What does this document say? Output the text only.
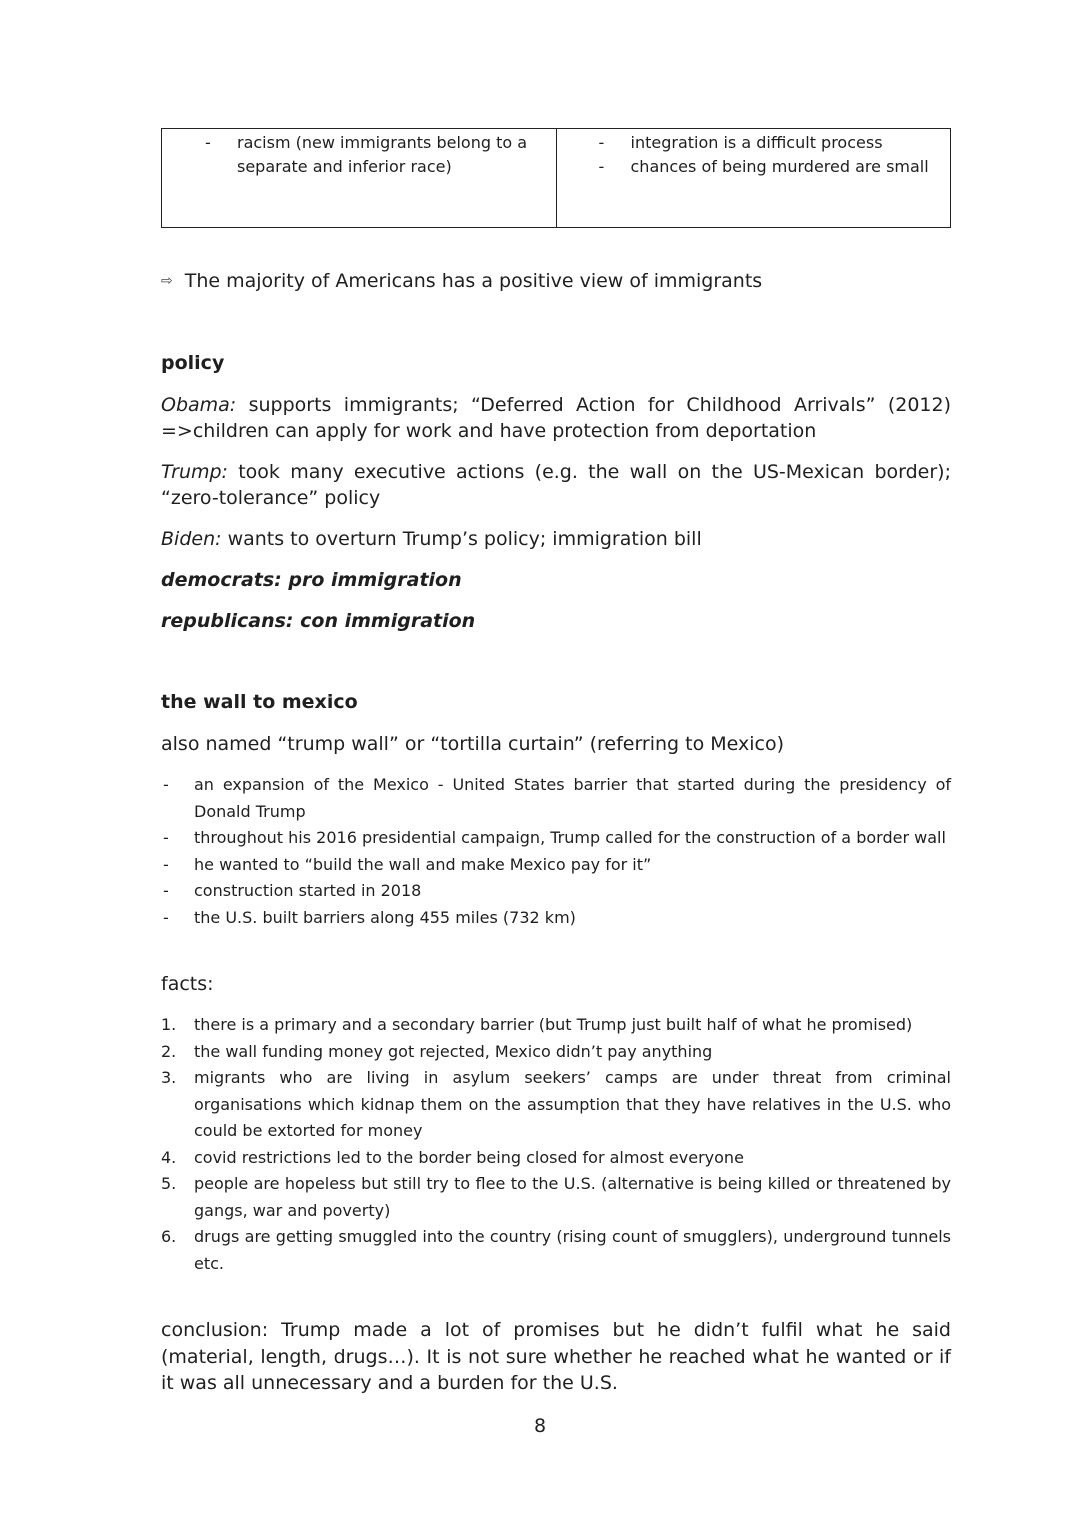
- racism (new immigrants belong to a separate and inferior race)
- integration is a difficult process
- chances of being murdered are small
⇨ The majority of Americans has a positive view of immigrants
policy
Obama: supports immigrants; “Deferred Action for Childhood Arrivals” (2012) =>children can apply for work and have protection from deportation
Trump: took many executive actions (e.g. the wall on the US-Mexican border); “zero-tolerance” policy
Biden: wants to overturn Trump’s policy; immigration bill
democrats: pro immigration
republicans: con immigration
the wall to mexico
also named “trump wall” or “tortilla curtain” (referring to Mexico)
- an expansion of the Mexico - United States barrier that started during the presidency of Donald Trump
- throughout his 2016 presidential campaign, Trump called for the construction of a border wall
- he wanted to “build the wall and make Mexico pay for it”
- construction started in 2018
- the U.S. built barriers along 455 miles (732 km)
facts:
1. there is a primary and a secondary barrier (but Trump just built half of what he promised)
2. the wall funding money got rejected, Mexico didn’t pay anything
3. migrants who are living in asylum seekers’ camps are under threat from criminal organisations which kidnap them on the assumption that they have relatives in the U.S. who could be extorted for money
4. covid restrictions led to the border being closed for almost everyone
5. people are hopeless but still try to flee to the U.S. (alternative is being killed or threatened by gangs, war and poverty)
6. drugs are getting smuggled into the country (rising count of smugglers), underground tunnels etc.
conclusion: Trump made a lot of promises but he didn’t fulfil what he said (material, length, drugs…). It is not sure whether he reached what he wanted or if it was all unnecessary and a burden for the U.S.
8
